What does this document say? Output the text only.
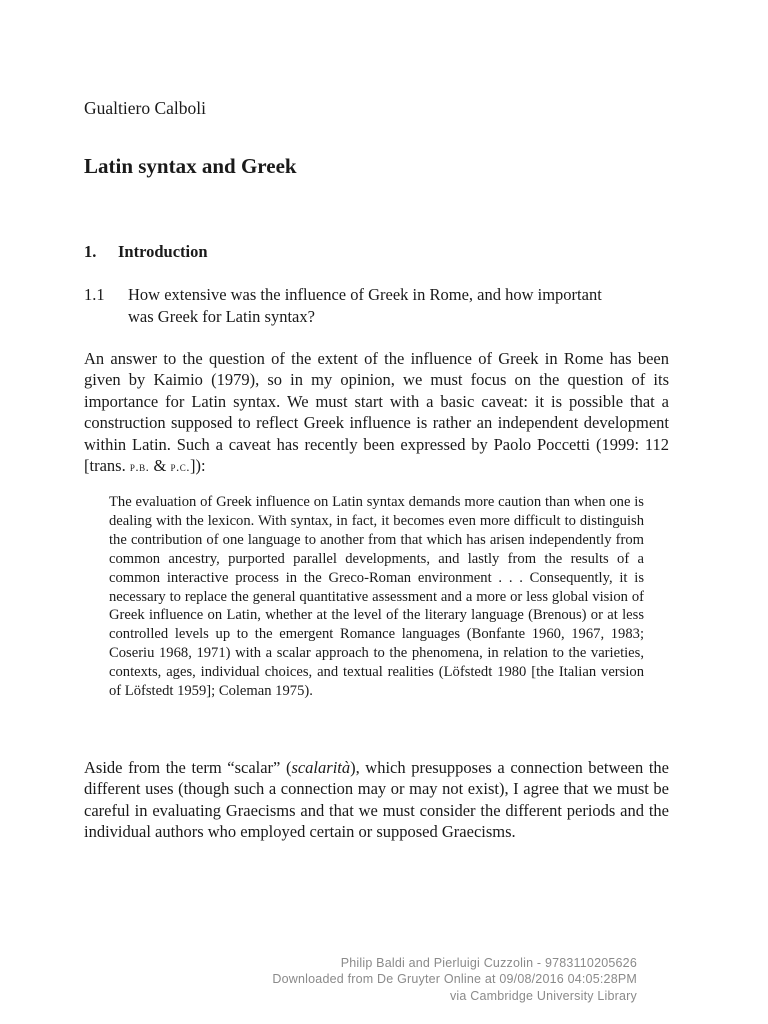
Gualtiero Calboli
Latin syntax and Greek
1. Introduction
1.1 How extensive was the influence of Greek in Rome, and how important was Greek for Latin syntax?

An answer to the question of the extent of the influence of Greek in Rome has been given by Kaimio (1979), so in my opinion, we must focus on the question of its importance for Latin syntax. We must start with a basic caveat: it is possible that a construction supposed to reflect Greek influence is rather an independent development within Latin. Such a caveat has recently been expressed by Paolo Poccetti (1999: 112 [trans. p.b. & p.c.]):

The evaluation of Greek influence on Latin syntax demands more caution than when one is dealing with the lexicon. With syntax, in fact, it becomes even more difficult to distinguish the contribution of one language to another from that which has arisen independently from common ancestry, purported parallel developments, and lastly from the results of a common interactive process in the Greco-Roman environment . . . Consequently, it is necessary to replace the general quantitative assessment and a more or less global vision of Greek influence on Latin, whether at the level of the literary language (Brenous) or at less controlled levels up to the emergent Romance languages (Bonfante 1960, 1967, 1983; Coseriu 1968, 1971) with a scalar approach to the phenomena, in relation to the varieties, contexts, ages, individual choices, and textual realities (Löfstedt 1980 [the Italian version of Löfstedt 1959]; Coleman 1975).

Aside from the term “scalar” (scalarità), which presupposes a connection between the different uses (though such a connection may or may not exist), I agree that we must be careful in evaluating Graecisms and that we must consider the different periods and the individual authors who employed certain or supposed Graecisms.

Philip Baldi and Pierluigi Cuzzolin - 9783110205626
Downloaded from De Gruyter Online at 09/08/2016 04:05:28PM
via Cambridge University Library
